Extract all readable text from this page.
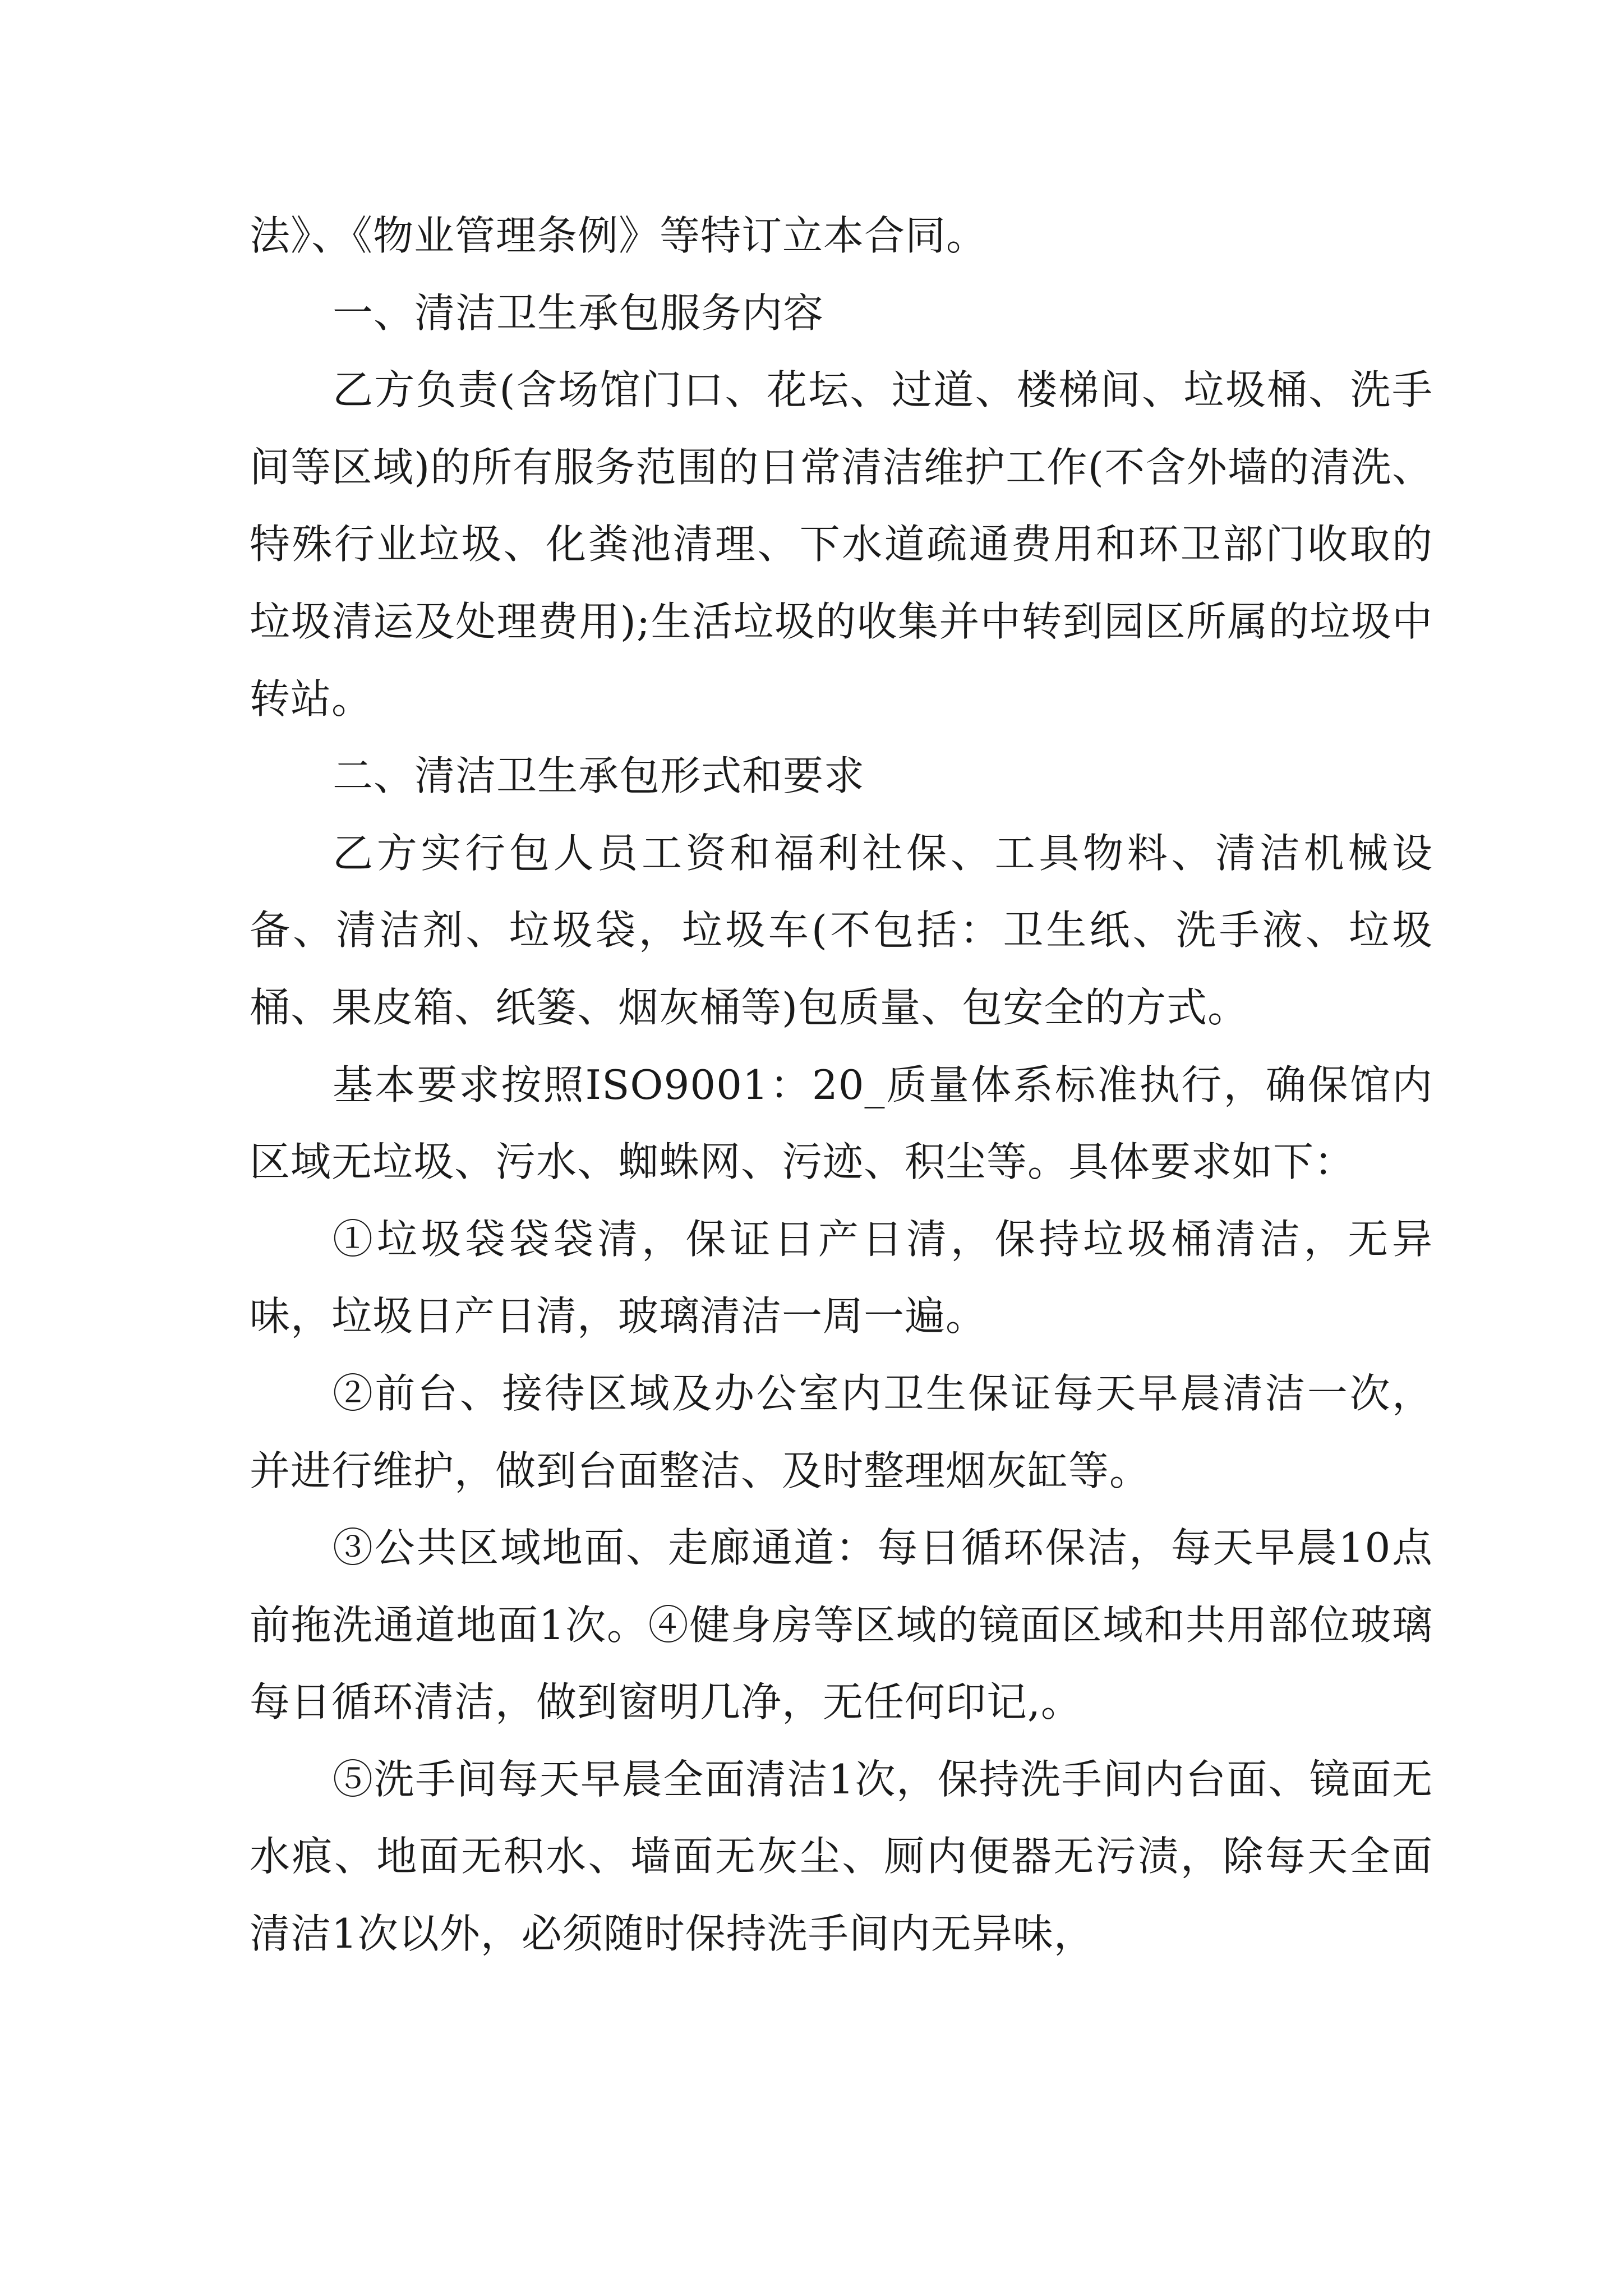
法》、《物业管理条例》等特订立本合同。

一、清洁卫生承包服务内容

乙方负责(含场馆门口、花坛、过道、楼梯间、垃圾桶、洗手间等区域)的所有服务范围的日常清洁维护工作(不含外墙的清洗、特殊行业垃圾、化粪池清理、下水道疏通费用和环卫部门收取的垃圾清运及处理费用);生活垃圾的收集并中转到园区所属的垃圾中转站。

二、清洁卫生承包形式和要求

乙方实行包人员工资和福利社保、工具物料、清洁机械设备、清洁剂、垃圾袋，垃圾车(不包括：卫生纸、洗手液、垃圾桶、果皮箱、纸篓、烟灰桶等)包质量、包安全的方式。

基本要求按照ISO9001：20_质量体系标准执行，确保馆内区域无垃圾、污水、蜘蛛网、污迹、积尘等。具体要求如下：

①垃圾袋袋袋清，保证日产日清，保持垃圾桶清洁，无异味，垃圾日产日清，玻璃清洁一周一遍。

②前台、接待区域及办公室内卫生保证每天早晨清洁一次，并进行维护，做到台面整洁、及时整理烟灰缸等。

③公共区域地面、走廊通道：每日循环保洁，每天早晨10点前拖洗通道地面1次。④健身房等区域的镜面区域和共用部位玻璃每日循环清洁，做到窗明几净，无任何印记,。

⑤洗手间每天早晨全面清洁1次，保持洗手间内台面、镜面无水痕、地面无积水、墙面无灰尘、厕内便器无污渍，除每天全面清洁1次以外，必须随时保持洗手间内无异味，
